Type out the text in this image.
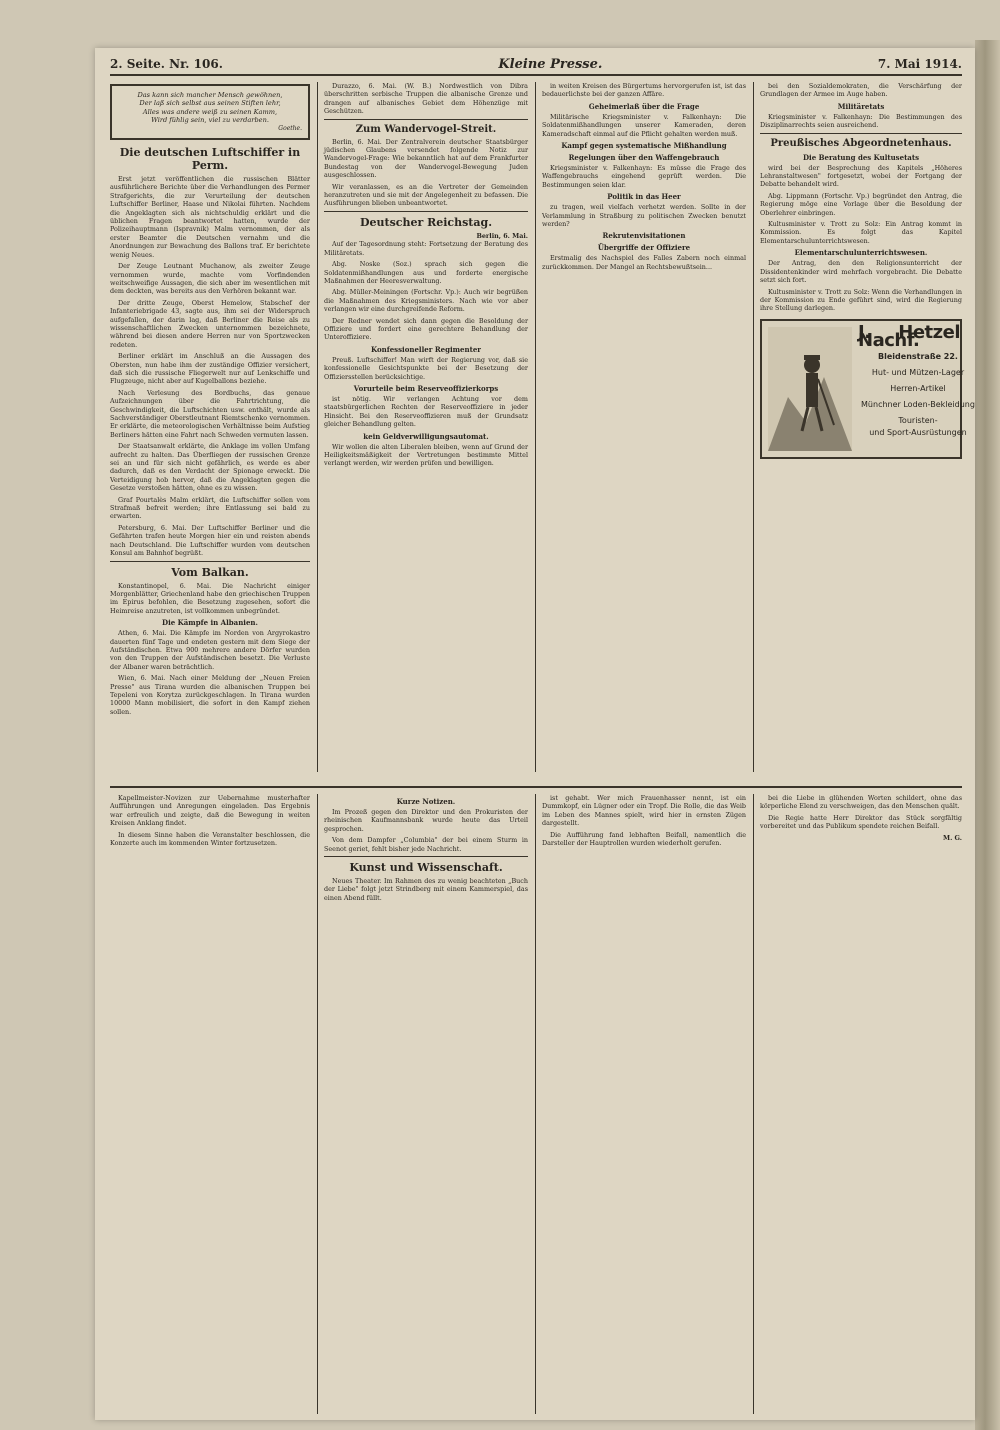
2. Seite. Nr. 106.	Kleine Presse.	7. Mai 1914.
Das kann sich mancher Mensch gewöhnen,
Der laß sich selbst aus seinen Stiften lehr,
Alles was andere weiß zu seinen Kamm,
Wird fühlig sein, viel zu verdarben.
Goethe.
Die deutschen Luftschiffer in Perm.

Erst jetzt veröffentlichen die russischen Blätter ausführlichere Berichte über die Verhandlungen des Permer Strafgerichts, die zur Verurteilung der deutschen Luftschiffer Berliner, Haase und Nikolai führten. Nachdem die Angeklagten sich als nichtschuldig erklärt und die üblichen Fragen beantwortet hatten, wurde der Polizeihauptmann (Ispravnik) Malm vernommen, der als erster Beamter die Deutschen vernahm und die Anordnungen zur Bewachung des Ballons traf. Er berichtete wenig Neues.

Der Zeuge Leutnant Muchanow, als zweiter Zeuge vernommen wurde, machte vom Vorfindenden weitschweifige Aussagen, die sich aber im wesentlichen mit dem deckten, was bereits aus den Verhören bekannt war.

Der dritte Zeuge, Oberst Hemelow, Stabschef der Infanteriebrigade 43, sagte aus, ihm sei der Widerspruch aufgefallen, der darin lag, daß Berliner die Reise als zu wissenschaftlichen Zwecken unternommen bezeichnete, während bei diesen andere Herren nur von Sportzwecken redeten.

Berliner erklärt im Anschluß an die Aussagen des Obersten, nun habe ihm der zuständige Offizier versichert, daß sich die russische Fliegerwelt nur auf Lenkschiffe und Flugzeuge, nicht aber auf Kugelballons beziehe.

Nach Verlesung des Bordbuchs, das genaue Aufzeichnungen über die Fahrtrichtung, die Geschwindigkeit, die Luftschichten usw. enthält, wurde als Sachverständiger Oberstleutnant Riemtschenko vernommen. Er erklärte, die meteorologischen Verhältnisse beim Aufstieg Berliners hätten eine Fahrt nach Schweden vermuten lassen.

Der Staatsanwalt erklärte, die Anklage im vollen Umfang aufrecht zu halten. Das Überfliegen der russischen Grenze sei an und für sich nicht gefährlich, es werde es aber dadurch, daß es den Verdacht der Spionage erweckt. Die Verteidigung hob hervor, daß die Angeklagten gegen die Gesetze verstoßen hätten, ohne es zu wissen.

Graf Pourtalès Malm erklärt, die Luftschiffer sollen vom Strafmaß befreit werden; ihre Entlassung sei bald zu erwarten.

Petersburg, 6. Mai. Der Luftschiffer Berliner und die Gefährten trafen heute Morgen hier ein und reisten abends nach Deutschland. Die Luftschiffer wurden vom deutschen Konsul am Bahnhof begrüßt.

Vom Balkan.

Konstantinopel, 6. Mai. Die Nachricht einiger Morgenblätter, Griechenland habe den griechischen Truppen im Epirus befohlen, die Besetzung zugesehen, sofort die Heimreise anzutreten, ist vollkommen unbegründet.

Die Kämpfe in Albanien.

Athen, 6. Mai. Die Kämpfe im Norden von Argyrokastro dauerten fünf Tage und endeten gestern mit dem Siege der Aufständischen. Etwa 900 mehrere andere Dörfer wurden von den Truppen der Aufständischen besetzt. Die Verluste der Albaner waren beträchtlich.

Wien, 6. Mai. Nach einer Meldung der „Neuen Freien Presse" aus Tirana wurden die albanischen Truppen bei Tepeleni von Korytza zurückgeschlagen. In Tirana wurden 10000 Mann mobilisiert, die sofort in den Kampf ziehen sollen.

Durazzo, 6. Mai. (W. B.) Nordwestlich von Dibra überschritten serbische Truppen die albanische Grenze und drangen auf albanisches Gebiet dem Höhenzüge mit Geschützen.

Zum Wandervogel-Streit.

Berlin, 6. Mai. Der Zentralverein deutscher Staatsbürger jüdischen Glaubens versendet folgende Notiz zur Wandervogel-Frage: Wie bekanntlich hat auf dem Frankfurter Bundestag von der Wandervogel-Bewegung Juden ausgeschlossen.

Wir veranlassen, es an die Vertreter der Gemeinden heranzutreten und sie mit der Angelegenheit zu befassen. Die Ausführungen blieben unbeantwortet.

Deutscher Reichstag.
Berlin, 6. Mai.

Auf der Tagesordnung steht: Fortsetzung der Beratung des Militäretats.

Abg. Noske (Soz.) sprach sich gegen die Soldatenmißhandlungen aus und forderte energische Maßnahmen der Heeresverwaltung.

Abg. Müller-Meiningen (Fortschr. Vp.): Auch wir begrüßen die Maßnahmen des Kriegsministers. Nach wie vor aber verlangen wir eine durchgreifende Reform.

Der Redner wendet sich dann gegen die Besoldung der Offiziere und fordert eine gerechtere Behandlung der Unteroffiziere.

Konfessioneller Regimenter

Preuß. Luftschiffer! Man wirft der Regierung vor, daß sie konfessionelle Gesichtspunkte bei der Besetzung der Offiziersstellen berücksichtige.

Vorurteile beim Reserveoffizierkorps

ist nötig. Wir verlangen Achtung vor dem staatsbürgerlichen Rechten der Reserveoffiziere in jeder Hinsicht. Bei den Reserveoffizieren muß der Grundsatz gleicher Behandlung gelten.

kein Geldverwilligungsautomat.

Wir wollen die alten Liberalen bleiben, wenn auf Grund der Heiligkeitsmäßigkeit der Vertretungen bestimmte Mittel verlangt werden, wir werden prüfen und bewilligen.

in weiten Kreisen des Bürgertums hervorgerufen ist, ist das bedauerlichste bei der ganzen Affäre.

Geheimerlaß über die Frage

Militärische Kriegsminister v. Falkenhayn: Die Soldatenmißhandlungen unserer Kameraden, deren Kameradschaft einmal auf die Pflicht gehalten werden muß.

Kampf gegen systematische Mißhandlung
Regelungen über den Waffengebrauch

Kriegsminister v. Falkenhayn: Es müsse die Frage des Waffengebrauchs eingehend geprüft werden. Die Bestimmungen seien klar.

Politik in das Heer

zu tragen, weil vielfach verhetzt werden. Sollte in der Verlammlung in Straßburg zu politischen Zwecken benutzt werden?

Rekrutenvisitationen
Übergriffe der Offiziere

Erstmalig des Nachspiel des Falles Zabern noch einmal zurückkommen. Der Mangel an Rechtsbewußtsein...

bei den Sozialdemokraten, die Verschärfung der Grundlagen der Armee im Auge haben.

Militäretats

Kriegsminister v. Falkenhayn: Die Bestimmungen des Disziplinarrechts seien ausreichend.

Preußisches Abgeordnetenhaus.
Die Beratung des Kultusetats

wird bei der Besprechung des Kapitels „Höheres Lehranstaltwesen" fortgesetzt, wobei der Fortgang der Debatte behandelt wird.

Abg. Lippmann (Fortschr. Vp.) begründet den Antrag, die Regierung möge eine Vorlage über die Besoldung der Oberlehrer einbringen.

Kultusminister v. Trott zu Solz: Ein Antrag kommt in Kommission. Es folgt das Kapitel Elementarschulunterrichtswesen.

Elementarschulunterrichtswesen.

Der Antrag, den den Religionsunterricht der Dissidentenkinder wird mehrfach vorgebracht. Die Debatte setzt sich fort.

Kultusminister v. Trott zu Solz: Wenn die Verhandlungen in der Kommission zu Ende geführt sind, wird die Regierung ihre Stellung darlegen.

J. Hetzel Nachf.
Bleidenstraße 22.
Hut- und Mützen-Lager
Herren-Artikel
Münchner Loden-Bekleidung
Touristen-
und Sport-Ausrüstungen

Kapellmeister-Novizen zur Uebernahme musterhafter Aufführungen und Anregungen eingeladen. Das Ergebnis war erfreulich und zeigte, daß die Bewegung in weiten Kreisen Anklang findet.

In diesem Sinne haben die Veranstalter beschlossen, die Konzerte auch im kommenden Winter fortzusetzen.

Kurze Notizen.

Im Prozeß gegen den Direktor und den Prokuristen der rheinischen Kaufmannsbank wurde heute das Urteil gesprochen.

Von dem Dampfer „Columbia" der bei einem Sturm in Seenot geriet, fehlt bisher jede Nachricht.

Kunst und Wissenschaft.

Neues Theater. Im Rahmen des zu wenig beachteten „Buch der Liebe" folgt jetzt Strindberg mit einem Kammerspiel, das einen Abend füllt.

ist gehabt. Wer mich Frauenhasser nennt, ist ein Dummkopf, ein Lügner oder ein Tropf. Die Rolle, die das Weib im Leben des Mannes spielt, wird hier in ernsten Zügen dargestellt.

Die Aufführung fand lebhaften Beifall, namentlich die Darsteller der Hauptrollen wurden wiederholt gerufen.

bei die Liebe in glühenden Worten schildert, ohne das körperliche Elend zu verschweigen, das den Menschen quält.

Die Regie hatte Herr Direktor das Stück sorgfältig vorbereitet und das Publikum spendete reichen Beifall.

M. G.
